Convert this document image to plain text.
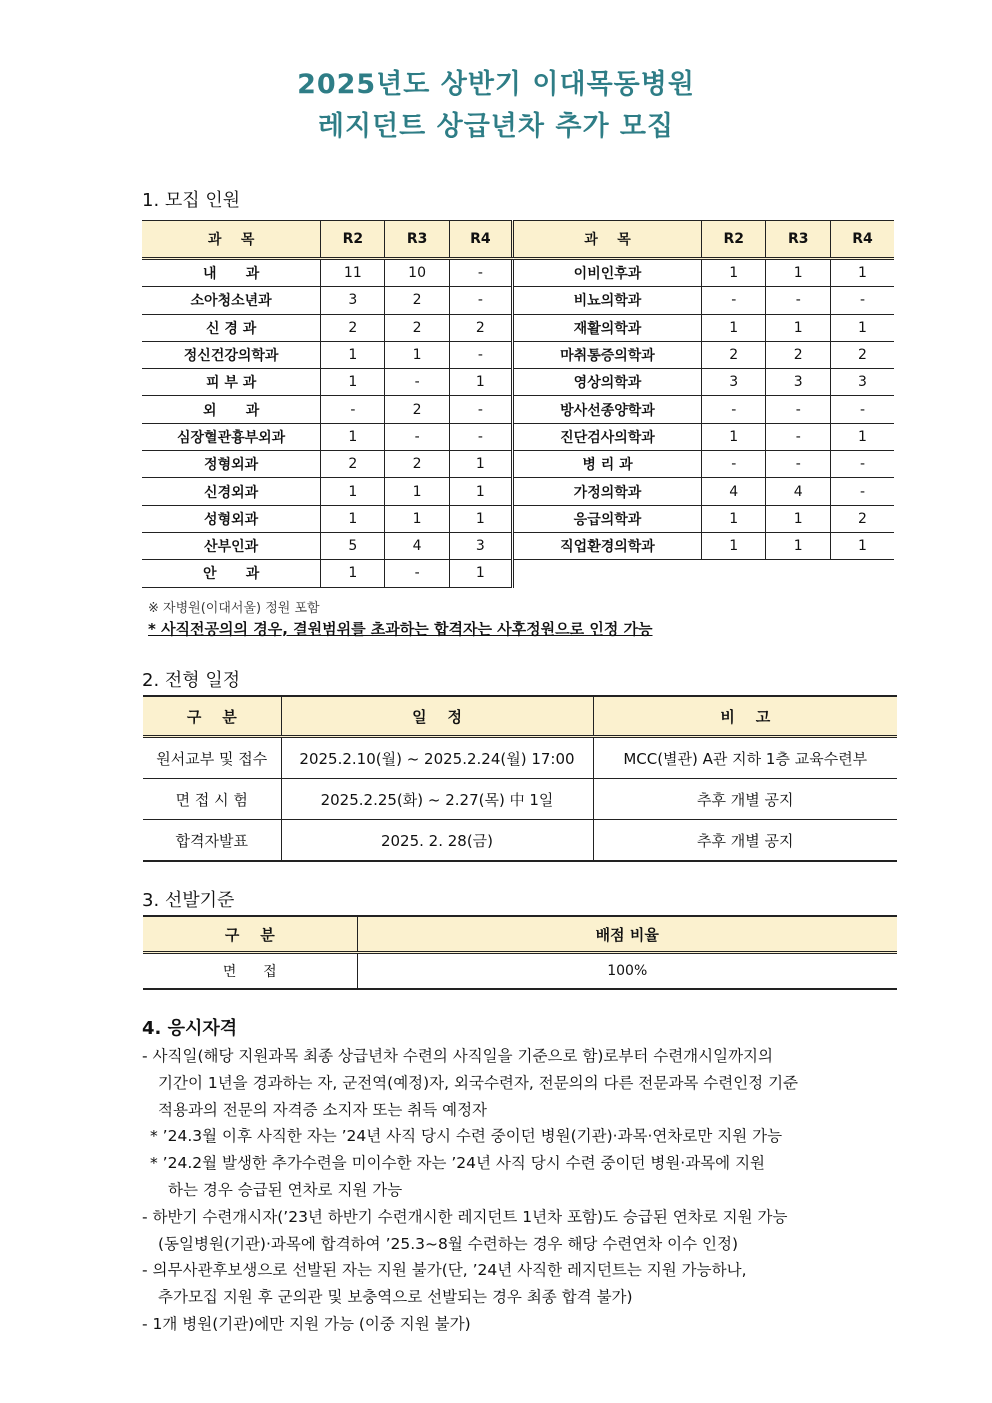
2025년도 상반기 이대목동병원
레지던트 상급년차 추가 모집
1. 모집 인원
과    목	R2	R3	R4
내      과	11	10	-
소아청소년과	3	2	-
신 경 과	2	2	2
정신건강의학과	1	1	-
피 부 과	1	-	1
외      과	-	2	-
심장혈관흉부외과	1	-	-
정형외과	2	2	1
신경외과	1	1	1
성형외과	1	1	1
산부인과	5	4	3
안      과	1	-	1
과    목	R2	R3	R4
이비인후과	1	1	1
비뇨의학과	-	-	-
재활의학과	1	1	1
마취통증의학과	2	2	2
영상의학과	3	3	3
방사선종양학과	-	-	-
진단검사의학과	1	-	1
병 리 과	-	-	-
가정의학과	4	4	-
응급의학과	1	1	2
직업환경의학과	1	1	1
※ 자병원(이대서울) 정원 포함
* 사직전공의의 경우, 결원범위를 초과하는 합격자는 사후정원으로 인정 가능
2. 전형 일정
구    분	일    정	비    고
원서교부 및 접수	2025.2.10(월) ~ 2025.2.24(월) 17:00	MCC(별관) A관 지하 1층 교육수련부
면 접 시 험	2025.2.25(화) ~ 2.27(목) 中 1일	추후 개별 공지
합격자발표	2025. 2. 28(금)	추후 개별 공지
3. 선발기준
구    분	배점 비율
면      접	100%
4. 응시자격
- 사직일(해당 지원과목 최종 상급년차 수련의 사직일을 기준으로 함)로부터 수련개시일까지의
기간이 1년을 경과하는 자, 군전역(예정)자, 외국수련자, 전문의의 다른 전문과목 수련인정 기준
적용과의 전문의 자격증 소지자 또는 취득 예정자
* ’24.3월 이후 사직한 자는 ’24년 사직 당시 수련 중이던 병원(기관)·과목·연차로만 지원 가능
* ’24.2월 발생한 추가수련을 미이수한 자는 ’24년 사직 당시 수련 중이던 병원·과목에 지원
하는 경우 승급된 연차로 지원 가능
- 하반기 수련개시자(’23년 하반기 수련개시한 레지던트 1년차 포함)도 승급된 연차로 지원 가능
(동일병원(기관)·과목에 합격하여 ’25.3~8월 수련하는 경우 해당 수련연차 이수 인정)
- 의무사관후보생으로 선발된 자는 지원 불가(단, ’24년 사직한 레지던트는 지원 가능하나,
추가모집 지원 후 군의관 및 보충역으로 선발되는 경우 최종 합격 불가)
- 1개 병원(기관)에만 지원 가능 (이중 지원 불가)
